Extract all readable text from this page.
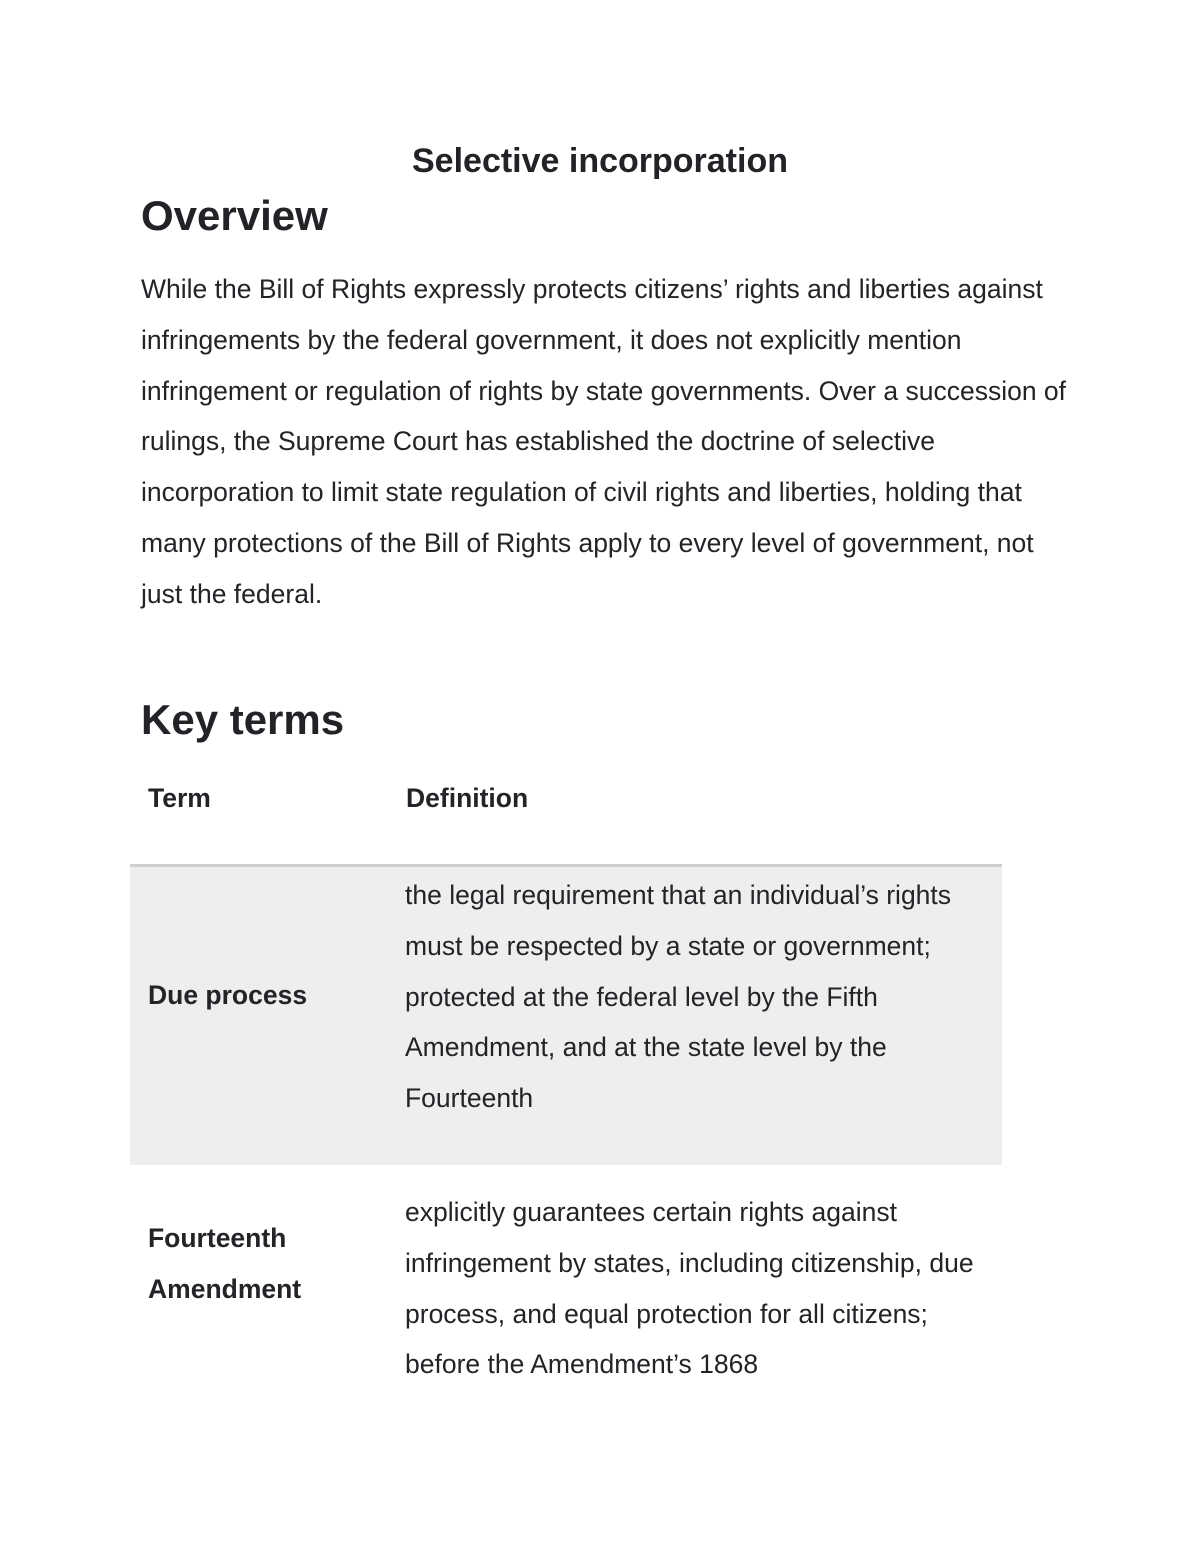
Selective incorporation
Overview

While the Bill of Rights expressly protects citizens’ rights and liberties against infringements by the federal government, it does not explicitly mention infringement or regulation of rights by state governments. Over a succession of rulings, the Supreme Court has established the doctrine of selective incorporation to limit state regulation of civil rights and liberties, holding that many protections of the Bill of Rights apply to every level of government, not just the federal.

Key terms
Term	Definition
Due process
the legal requirement that an individual’s rights must be respected by a state or government; protected at the federal level by the Fifth Amendment, and at the state level by the Fourteenth
Fourteenth Amendment
explicitly guarantees certain rights against infringement by states, including citizenship, due process, and equal protection for all citizens; before the Amendment’s 1868
